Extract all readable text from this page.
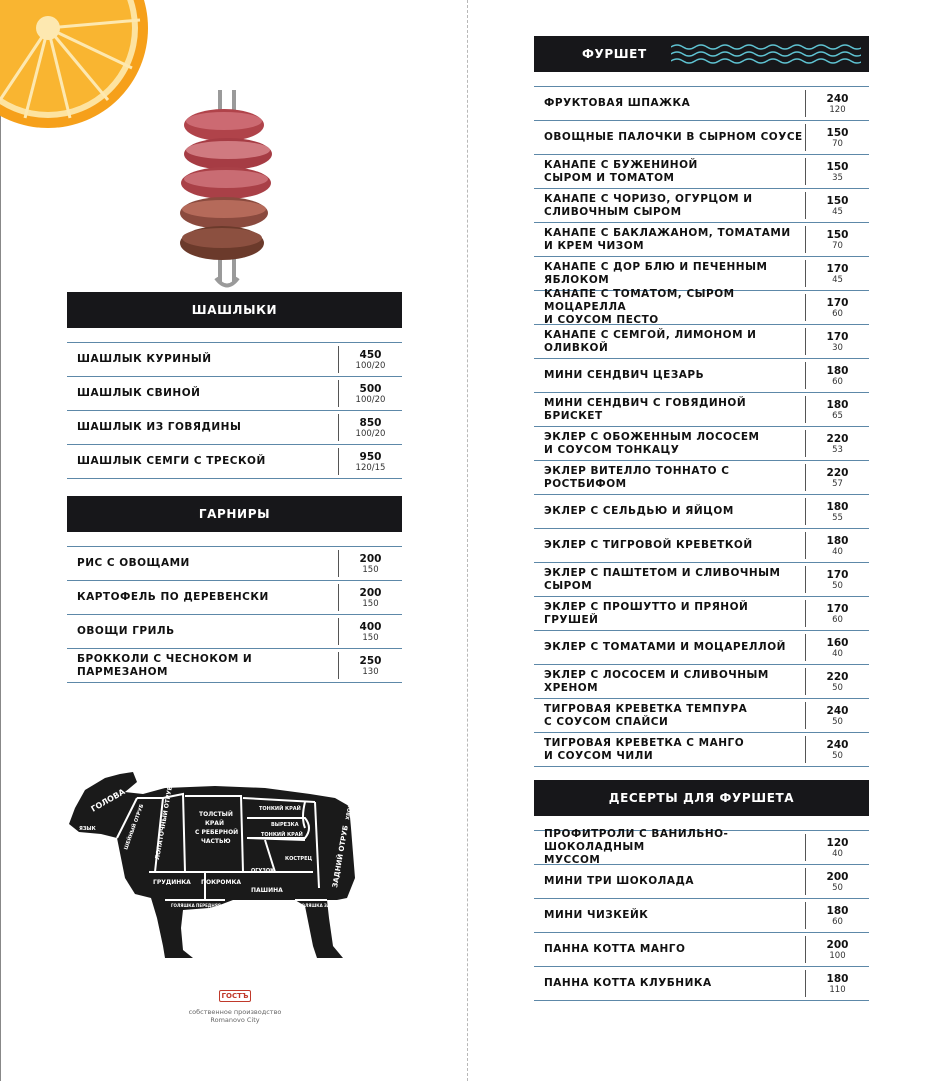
ШАШЛЫКИ
ШАШЛЫК КУРИНЫЙ	450
100/20
ШАШЛЫК СВИНОЙ	500
100/20
ШАШЛЫК ИЗ ГОВЯДИНЫ	850
100/20
ШАШЛЫК СЕМГИ С ТРЕСКОЙ	950
120/15
ГАРНИРЫ
РИС С ОВОЩАМИ	200
150
КАРТОФЕЛЬ ПО ДЕРЕВЕНСКИ	200
150
ОВОЩИ ГРИЛЬ	400
150
БРОККОЛИ С ЧЕСНОКОМ И ПАРМЕЗАНОМ
250
130
ГОЛОВА
ЯЗЫК	ШЕЙНЫЙ ОТРУБ ЛОПАТОЧНЫЙ ОТРУБ	ТОЛСТЫЙ
КРАЙ
С РЕБЕРНОЙ
ЧАСТЬЮ
ТОНКИЙ КРАЙ
ВЫРЕЗКА
ТОНКИЙ КРАЙ
КОСТРЕЦ	ЗАДНИЙ ОТРУБ
ХВОСТ
ГРУДИНКА ПОКРОМКА
ОГУЗОК
ПАШИНА
ГОЛЯШКА ПЕРЕДНЯЯ	ГОЛЯШКА ЗАДНЯЯ
ГОСТЪ
собственное производство
Romanovo City
ФУРШЕТ
ФРУКТОВАЯ ШПАЖКА	240
120
ОВОЩНЫЕ ПАЛОЧКИ В СЫРНОМ СОУСЕ 150
70
КАНАПЕ С БУЖЕНИНОЙ
СЫРОМ И ТОМАТОМ
150
35
КАНАПЕ С ЧОРИЗО, ОГУРЦОМ И
СЛИВОЧНЫМ СЫРОМ
150
45
КАНАПЕ С БАКЛАЖАНОМ, ТОМАТАМИ
И КРЕМ ЧИЗОМ
150
70
КАНАПЕ С ДОР БЛЮ И ПЕЧЕННЫМ ЯБЛОКОМ
170
45
КАНАПЕ С ТОМАТОМ, СЫРОМ МОЦАРЕЛЛА
И СОУСОМ ПЕСТО
170
60
КАНАПЕ С СЕМГОЙ, ЛИМОНОМ И ОЛИВКОЙ
170
30
МИНИ СЕНДВИЧ ЦЕЗАРЬ	180
60
МИНИ СЕНДВИЧ С ГОВЯДИНОЙ БРИСКЕТ
180
65
ЭКЛЕР С ОБОЖЕННЫМ ЛОСОСЕМ
И СОУСОМ ТОНКАЦУ
220
53
ЭКЛЕР ВИТЕЛЛО ТОННАТО С РОСТБИФОМ
220
57
ЭКЛЕР С СЕЛЬДЬЮ И ЯЙЦОМ	180
55
ЭКЛЕР С ТИГРОВОЙ КРЕВЕТКОЙ	180
40
ЭКЛЕР С ПАШТЕТОМ И СЛИВОЧНЫМ СЫРОМ
170
50
ЭКЛЕР С ПРОШУТТО И ПРЯНОЙ ГРУШЕЙ
170
60
ЭКЛЕР С ТОМАТАМИ И МОЦАРЕЛЛОЙ	160
40
ЭКЛЕР С ЛОСОСЕМ И СЛИВОЧНЫМ ХРЕНОМ
220
50
ТИГРОВАЯ КРЕВЕТКА ТЕМПУРА
С СОУСОМ СПАЙСИ
240
50
ТИГРОВАЯ КРЕВЕТКА С МАНГО
И СОУСОМ ЧИЛИ
240
50
ДЕСЕРТЫ ДЛЯ ФУРШЕТА
ПРОФИТРОЛИ С ВАНИЛЬНО-ШОКОЛАДНЫМ
МУССОМ
120
40
МИНИ ТРИ ШОКОЛАДА	200
50
МИНИ ЧИЗКЕЙК	180
60
ПАННА КОТТА МАНГО	200
100
ПАННА КОТТА КЛУБНИКА	180
110
